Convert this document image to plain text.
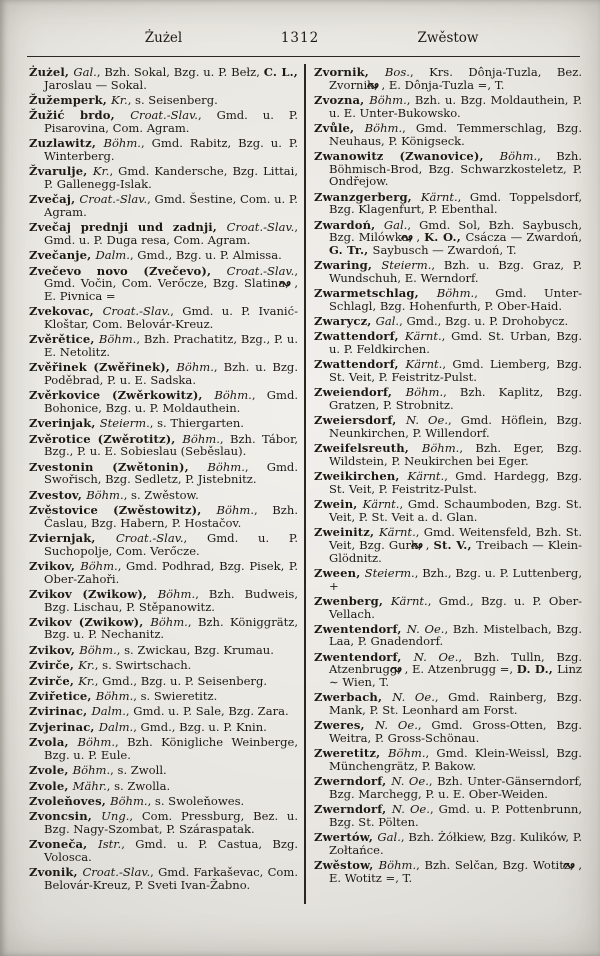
Żużel	1312	Zwěstow

Żużel, Gal., Bzh. Sokal, Bzg. u. P. Bełz, C. L., Jaroslau — Sokal.

Žužemperk, Kr., s. Seisenberg.

Žužić brdo, Croat.-Slav., Gmd. u. P. Pisarovina, Com. Agram.

Zuzlawitz, Böhm., Gmd. Rabitz, Bzg. u. P. Winterberg.

Žvarulje, Kr., Gmd. Kandersche, Bzg. Littai, P. Gallenegg-Islak.

Zvečaj, Croat.-Slav., Gmd. Šestine, Com. u. P. Agram.

Zvečaj prednji und zadnji, Croat.-Slav., Gmd. u. P. Duga resa, Com. Agram.

Zvečanje, Dalm., Gmd., Bzg. u. P. Almissa.

Zvečevo novo (Zvečevo), Croat.-Slav., Gmd. Vočin, Com. Verőcze, Bzg. Slatina, , E. Pivnica =

Zvekovac, Croat.-Slav., Gmd. u. P. Ivanić-Kloštar, Com. Belovár-Kreuz.

Zvěrětice, Böhm., Bzh. Prachatitz, Bzg., P. u. E. Netolitz.

Zvěřinek (Zwěřinek), Böhm., Bzh. u. Bzg. Poděbrad, P. u. E. Sadska.

Zvěrkovice (Zwěrkowitz), Böhm., Gmd. Bohonice, Bzg. u. P. Moldauthein.

Zverinjak, Steierm., s. Thiergarten.

Zvěrotice (Zwěrotitz), Böhm., Bzh. Tábor, Bzg., P. u. E. Sobieslau (Seběslau).

Zvestonin (Zwětonin), Böhm., Gmd. Swořisch, Bzg. Sedletz, P. Jistebnitz.

Zvestov, Böhm., s. Zwěstow.

Zvěstovice (Zwěstowitz), Böhm., Bzh. Časlau, Bzg. Habern, P. Hostačov.

Zviernjak, Croat.-Slav., Gmd. u. P. Suchopolje, Com. Verőcze.

Zvikov, Böhm., Gmd. Podhrad, Bzg. Pisek, P. Ober-Zahoři.

Zvikov (Zwikow), Böhm., Bzh. Budweis, Bzg. Lischau, P. Stěpanowitz.

Zvikov (Zwikow), Böhm., Bzh. Königgrätz, Bzg. u. P. Nechanitz.

Zvikov, Böhm., s. Zwickau, Bzg. Krumau.

Zvirče, Kr., s. Swirtschach.

Zvirče, Kr., Gmd., Bzg. u. P. Seisenberg.

Zviřetice, Böhm., s. Swieretitz.

Zvirinac, Dalm., Gmd. u. P. Sale, Bzg. Zara.

Zvjerinac, Dalm., Gmd., Bzg. u. P. Knin.

Zvola, Böhm., Bzh. Königliche Weinberge, Bzg. u. P. Eule.

Zvole, Böhm., s. Zwoll.

Zvole, Mähr., s. Zwolla.

Zvoleňoves, Böhm., s. Swoleňowes.

Zvoncsin, Ung., Com. Pressburg, Bez. u. Bzg. Nagy-Szombat, P. Száraspatak.

Zvoneča, Istr., Gmd. u. P. Castua, Bzg. Volosca.

Zvonik, Croat.-Slav., Gmd. Farkaševac, Com. Belovár-Kreuz, P. Sveti Ivan-Žabno.

Zvornik, Bos., Krs. Dônja-Tuzla, Bez. Zvornik, , E. Dônja-Tuzla =, T.

Zvozna, Böhm., Bzh. u. Bzg. Moldauthein, P. u. E. Unter-Bukowsko.

Zvůle, Böhm., Gmd. Temmerschlag, Bzg. Neuhaus, P. Königseck.

Zwanowitz (Zwanovice), Böhm., Bzh. Böhmisch-Brod, Bzg. Schwarzkosteletz, P. Ondřejow.

Zwanzgerberg, Kärnt., Gmd. Toppelsdorf, Bzg. Klagenfurt, P. Ebenthal.

Zwardoń, Gal., Gmd. Sol, Bzh. Saybusch, Bzg. Milówka, , K. O., Csácza — Zwardoń, G. Tr., Saybusch — Zwardoń, T.

Zwaring, Steierm., Bzh. u. Bzg. Graz, P. Wundschuh, E. Werndorf.

Zwarmetschlag, Böhm., Gmd. Unter-Schlagl, Bzg. Hohenfurth, P. Ober-Haid.

Zwarycz, Gal., Gmd., Bzg. u. P. Drohobycz.

Zwattendorf, Kärnt., Gmd. St. Urban, Bzg. u. P. Feldkirchen.

Zwattendorf, Kärnt., Gmd. Liemberg, Bzg. St. Veit, P. Feistritz-Pulst.

Zweiendorf, Böhm., Bzh. Kaplitz, Bzg. Gratzen, P. Strobnitz.

Zweiersdorf, N. Oe., Gmd. Höflein, Bzg. Neunkirchen, P. Willendorf.

Zweifelsreuth, Böhm., Bzh. Eger, Bzg. Wildstein, P. Neukirchen bei Eger.

Zweikirchen, Kärnt., Gmd. Hardegg, Bzg. St. Veit, P. Feistritz-Pulst.

Zwein, Kärnt., Gmd. Schaumboden, Bzg. St. Veit, P. St. Veit a. d. Glan.

Zweinitz, Kärnt., Gmd. Weitensfeld, Bzh. St. Veit, Bzg. Gurk, , St. V., Treibach — Klein-Glödnitz.

Zween, Steierm., Bzh., Bzg. u. P. Luttenberg, +

Zwenberg, Kärnt., Gmd., Bzg. u. P. Ober-Vellach.

Zwentendorf, N. Oe., Bzh. Mistelbach, Bzg. Laa, P. Gnadendorf.

Zwentendorf, N. Oe., Bzh. Tulln, Bzg. Atzenbrugg, , E. Atzenbrugg =, D. D., Linz ∼ Wien, T.

Zwerbach, N. Oe., Gmd. Rainberg, Bzg. Mank, P. St. Leonhard am Forst.

Zweres, N. Oe., Gmd. Gross-Otten, Bzg. Weitra, P. Gross-Schönau.

Zweretitz, Böhm., Gmd. Klein-Weissl, Bzg. Münchengrätz, P. Bakow.

Zwerndorf, N. Oe., Bzh. Unter-Gänserndorf, Bzg. Marchegg, P. u. E. Ober-Weiden.

Zwerndorf, N. Oe., Gmd. u. P. Pottenbrunn, Bzg. St. Pölten.

Zwertów, Gal., Bzh. Żółkiew, Bzg. Kulików, P. Zołtańce.

Zwěstow, Böhm., Bzh. Selčan, Bzg. Wotitz, , E. Wotitz =, T.
